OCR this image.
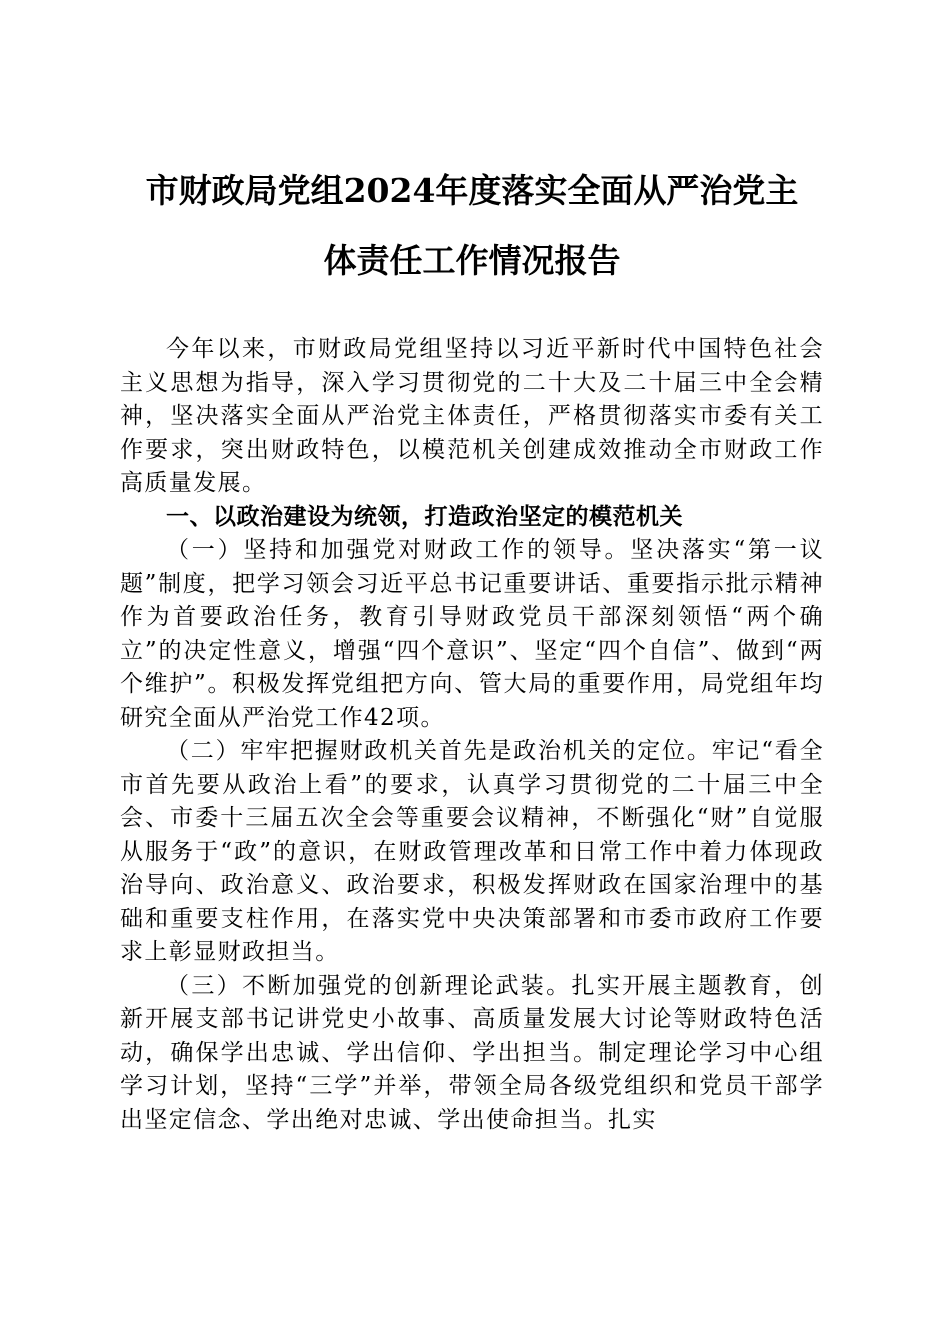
市财政局党组2024年度落实全面从严治党主
体责任工作情况报告

今年以来，市财政局党组坚持以习近平新时代中国特色社会主义思想为指导，深入学习贯彻党的二十大及二十届三中全会精神，坚决落实全面从严治党主体责任，严格贯彻落实市委有关工作要求，突出财政特色，以模范机关创建成效推动全市财政工作高质量发展。

一、以政治建设为统领，打造政治坚定的模范机关

（一）坚持和加强党对财政工作的领导。坚决落实“第一议题”制度，把学习领会习近平总书记重要讲话、重要指示批示精神作为首要政治任务，教育引导财政党员干部深刻领悟“两个确立”的决定性意义，增强“四个意识”、坚定“四个自信”、做到“两个维护”。积极发挥党组把方向、管大局的重要作用，局党组年均研究全面从严治党工作42项。

（二）牢牢把握财政机关首先是政治机关的定位。牢记“看全市首先要从政治上看”的要求，认真学习贯彻党的二十届三中全会、市委十三届五次全会等重要会议精神，不断强化“财”自觉服从服务于“政”的意识，在财政管理改革和日常工作中着力体现政治导向、政治意义、政治要求，积极发挥财政在国家治理中的基础和重要支柱作用，在落实党中央决策部署和市委市政府工作要求上彰显财政担当。

（三）不断加强党的创新理论武装。扎实开展主题教育，创新开展支部书记讲党史小故事、高质量发展大讨论等财政特色活动，确保学出忠诚、学出信仰、学出担当。制定理论学习中心组学习计划，坚持“三学”并举，带领全局各级党组织和党员干部学出坚定信念、学出绝对忠诚、学出使命担当。扎实
